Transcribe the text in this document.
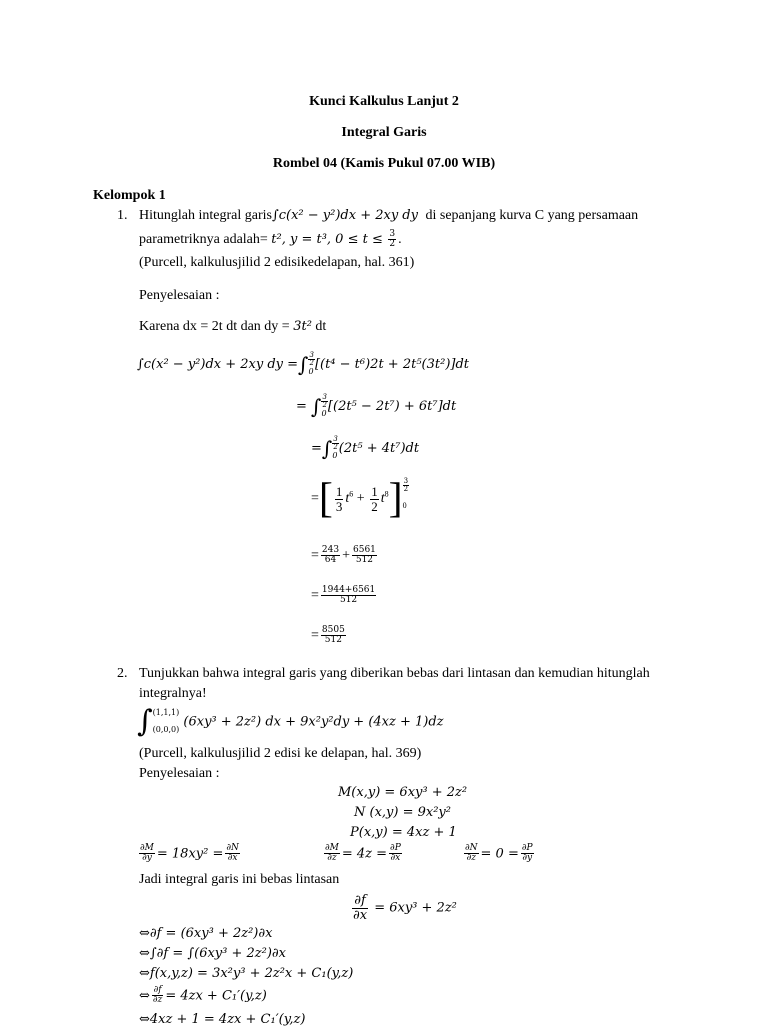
Kunci Kalkulus Lanjut 2
Integral Garis
Rombel 04 (Kamis Pukul 07.00 WIB)
Kelompok 1
1. Hitunglah integral garis∫c(x² − y²)dx + 2xy dy di sepanjang kurva C yang persamaan
parametriknya adalah= t², y = t³, $0 \le t \le \frac{3}{2}$ .
(Purcell, kalkulusjilid 2 edisikedelapan, hal. 361)
Penyelesaian :
Karena dx = 2t dt dan dy = 3t² dt
∫c(x² − y²)dx + 2xy dy =∫ $\frac{3}{2}$

0[(t⁴ − t⁶)2t + 2t⁵(3t²)]dt
= ∫ $\frac{3}{2}$

0[(2t⁵ − 2t⁷) + 6t⁷]dt
=∫ $\frac{3}{2}$

0(2t⁵ + 4t⁷)dt
=[ $\frac{1}{3} t^6 + \frac{1}{2} t^8] \frac{3}{2}$

0
= $\frac{243}{64} + \frac{6561}{512}$
= $\frac{1944+6561}{512}$
= $\frac{8505}{512}$
2. Tunjukkan bahwa integral garis yang diberikan bebas dari lintasan dan kemudian hitunglah
integralnya!
∫(1,1,1)

(0,0,0) (6xy³ + 2z²) dx + 9x²y²dy + (4xz + 1)dz
(Purcell, kalkulusjilid 2 edisi ke delapan, hal. 369)
Penyelesaian :
M(x,y) = 6xy³ + 2z²
N (x,y) = 9x²y²
P(x,y) = 4xz + 1
$\frac{\partial M}{\partial y} = 18xy^2 = \frac{\partial N}{\partial x}$	$\frac{\partial M}{\partial z} = 4z = \frac{\partial P}{\partial x}$	$\frac{\partial N}{\partial z} = 0 = \frac{\partial P}{\partial y}$
Jadi integral garis ini bebas lintasan
$\frac{\partial f}{\partial x} = 6xy^3 + 2z^2$
⇔∂f = (6xy³ + 2z²)∂x
⇔∫∂f = ∫(6xy³ + 2z²)∂x
⇔f(x,y,z) = 3x²y³ + 2z²x + C₁(y,z)
⇔ $\frac{\partial f}{\partial z} = 4zx + C_1'(y,z)$
⇔4xz + 1 = 4zx + C₁′(y,z)
